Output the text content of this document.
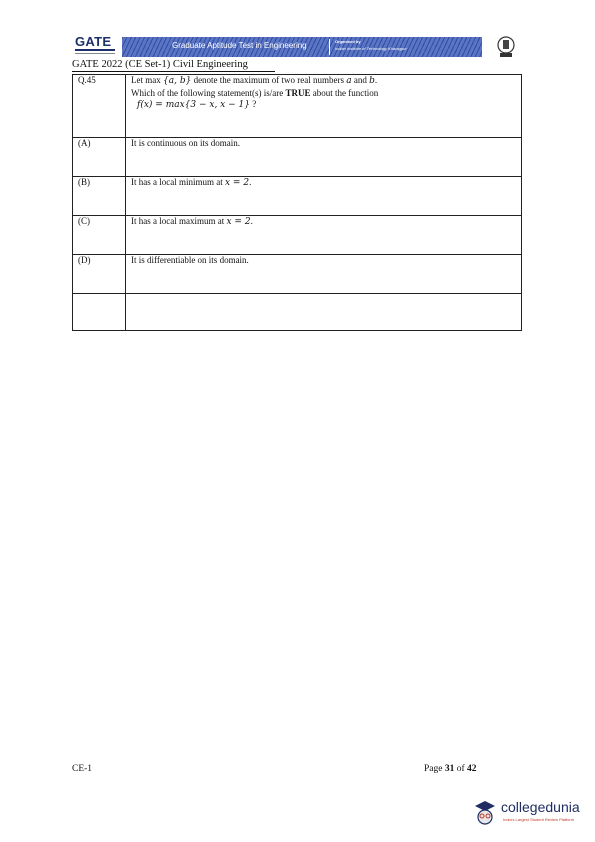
GATE	Graduate Aptitude Test in Engineering	Organised by
Indian Institute of Technology Kharagpur
GATE 2022 (CE Set-1) Civil Engineering
Q.45	Let max {a, b} denote the maximum of two real numbers a and b.
Which of the following statement(s) is/are TRUE about the function
f(x) = max{3 − x, x − 1} ?

(A)	It is continuous on its domain.
(B)	It has a local minimum at x = 2.
(C)	It has a local maximum at x = 2.
(D)	It is differentiable on its domain.

CE-1	Page 31 of 42
collegedunia
India's Largest Student Review Platform
